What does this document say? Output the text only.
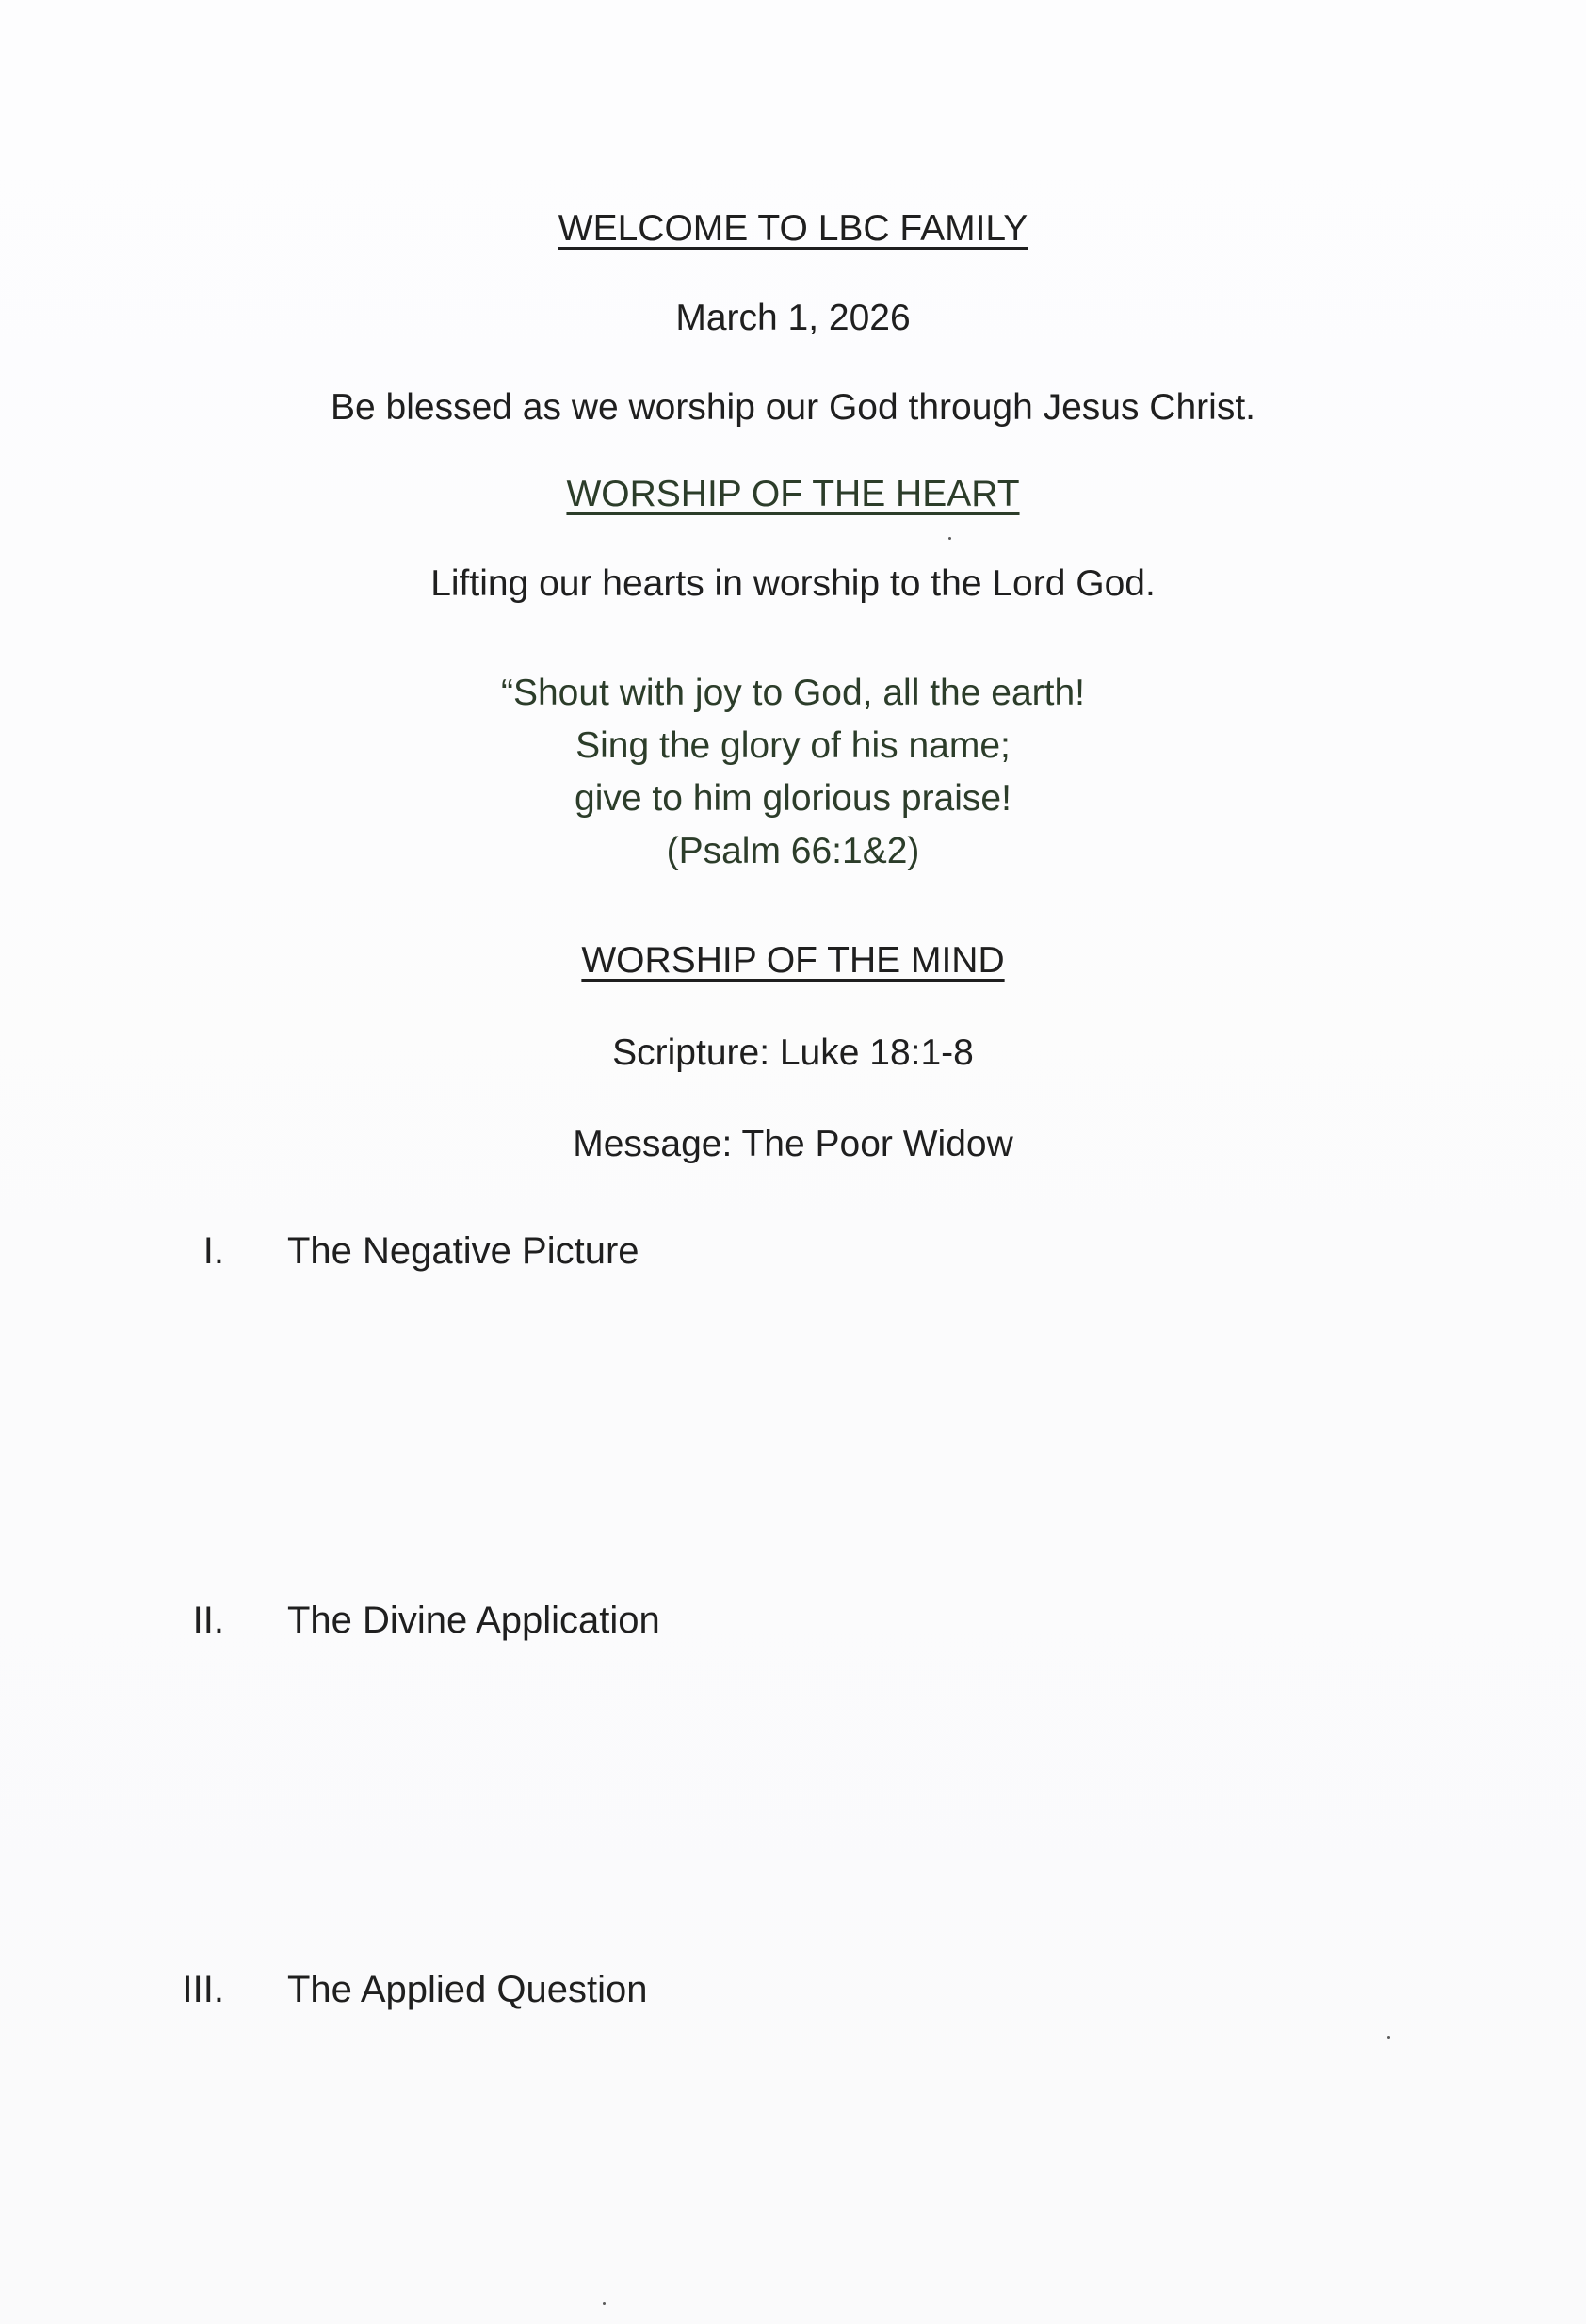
WELCOME TO LBC FAMILY
March 1, 2026
Be blessed as we worship our God through Jesus Christ.
WORSHIP OF THE HEART
Lifting our hearts in worship to the Lord God.
“Shout with joy to God, all the earth!
Sing the glory of his name;
give to him glorious praise!
(Psalm 66:1&2)
WORSHIP OF THE MIND
Scripture: Luke 18:1-8
Message: The Poor Widow
I. The Negative Picture
II. The Divine Application
III. The Applied Question
